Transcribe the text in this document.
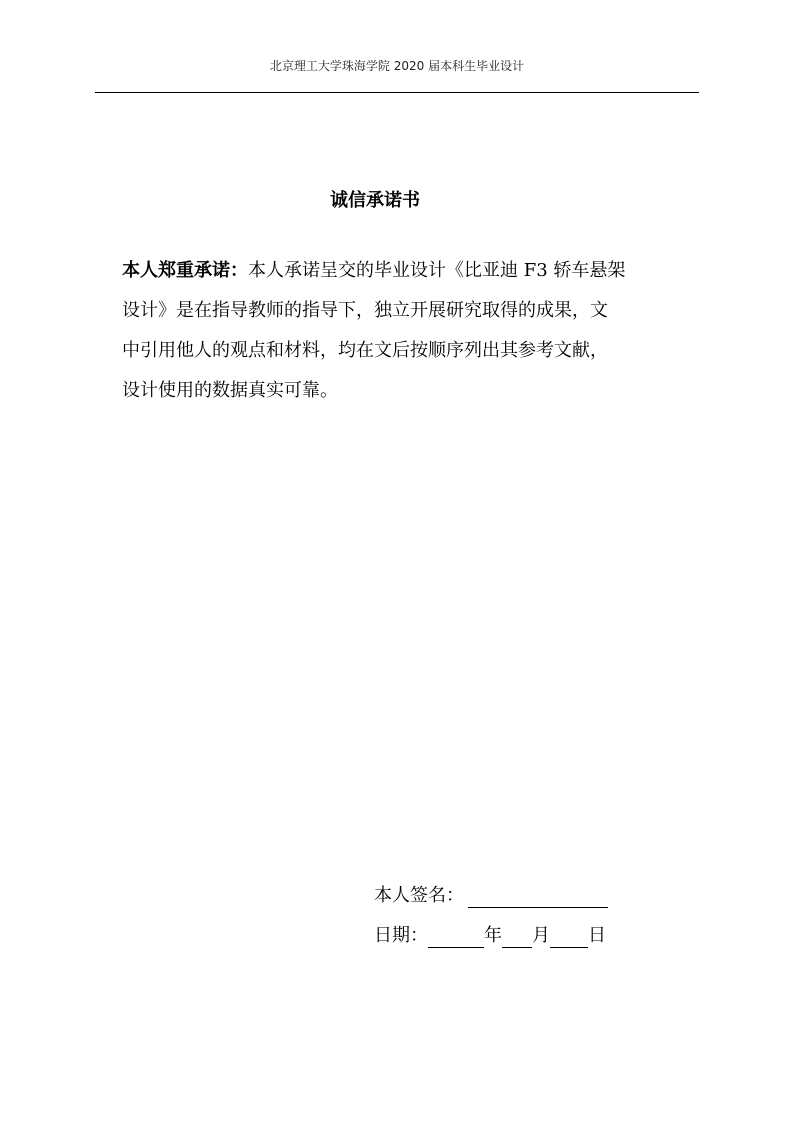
北京理工大学珠海学院 2020 届本科生毕业设计
诚信承诺书
本人郑重承诺：本人承诺呈交的毕业设计《比亚迪 F3 轿车悬架
设计》是在指导教师的指导下，独立开展研究取得的成果，文
中引用他人的观点和材料，均在文后按顺序列出其参考文献，
设计使用的数据真实可靠。
本人签名：
日期：	年 月 日
